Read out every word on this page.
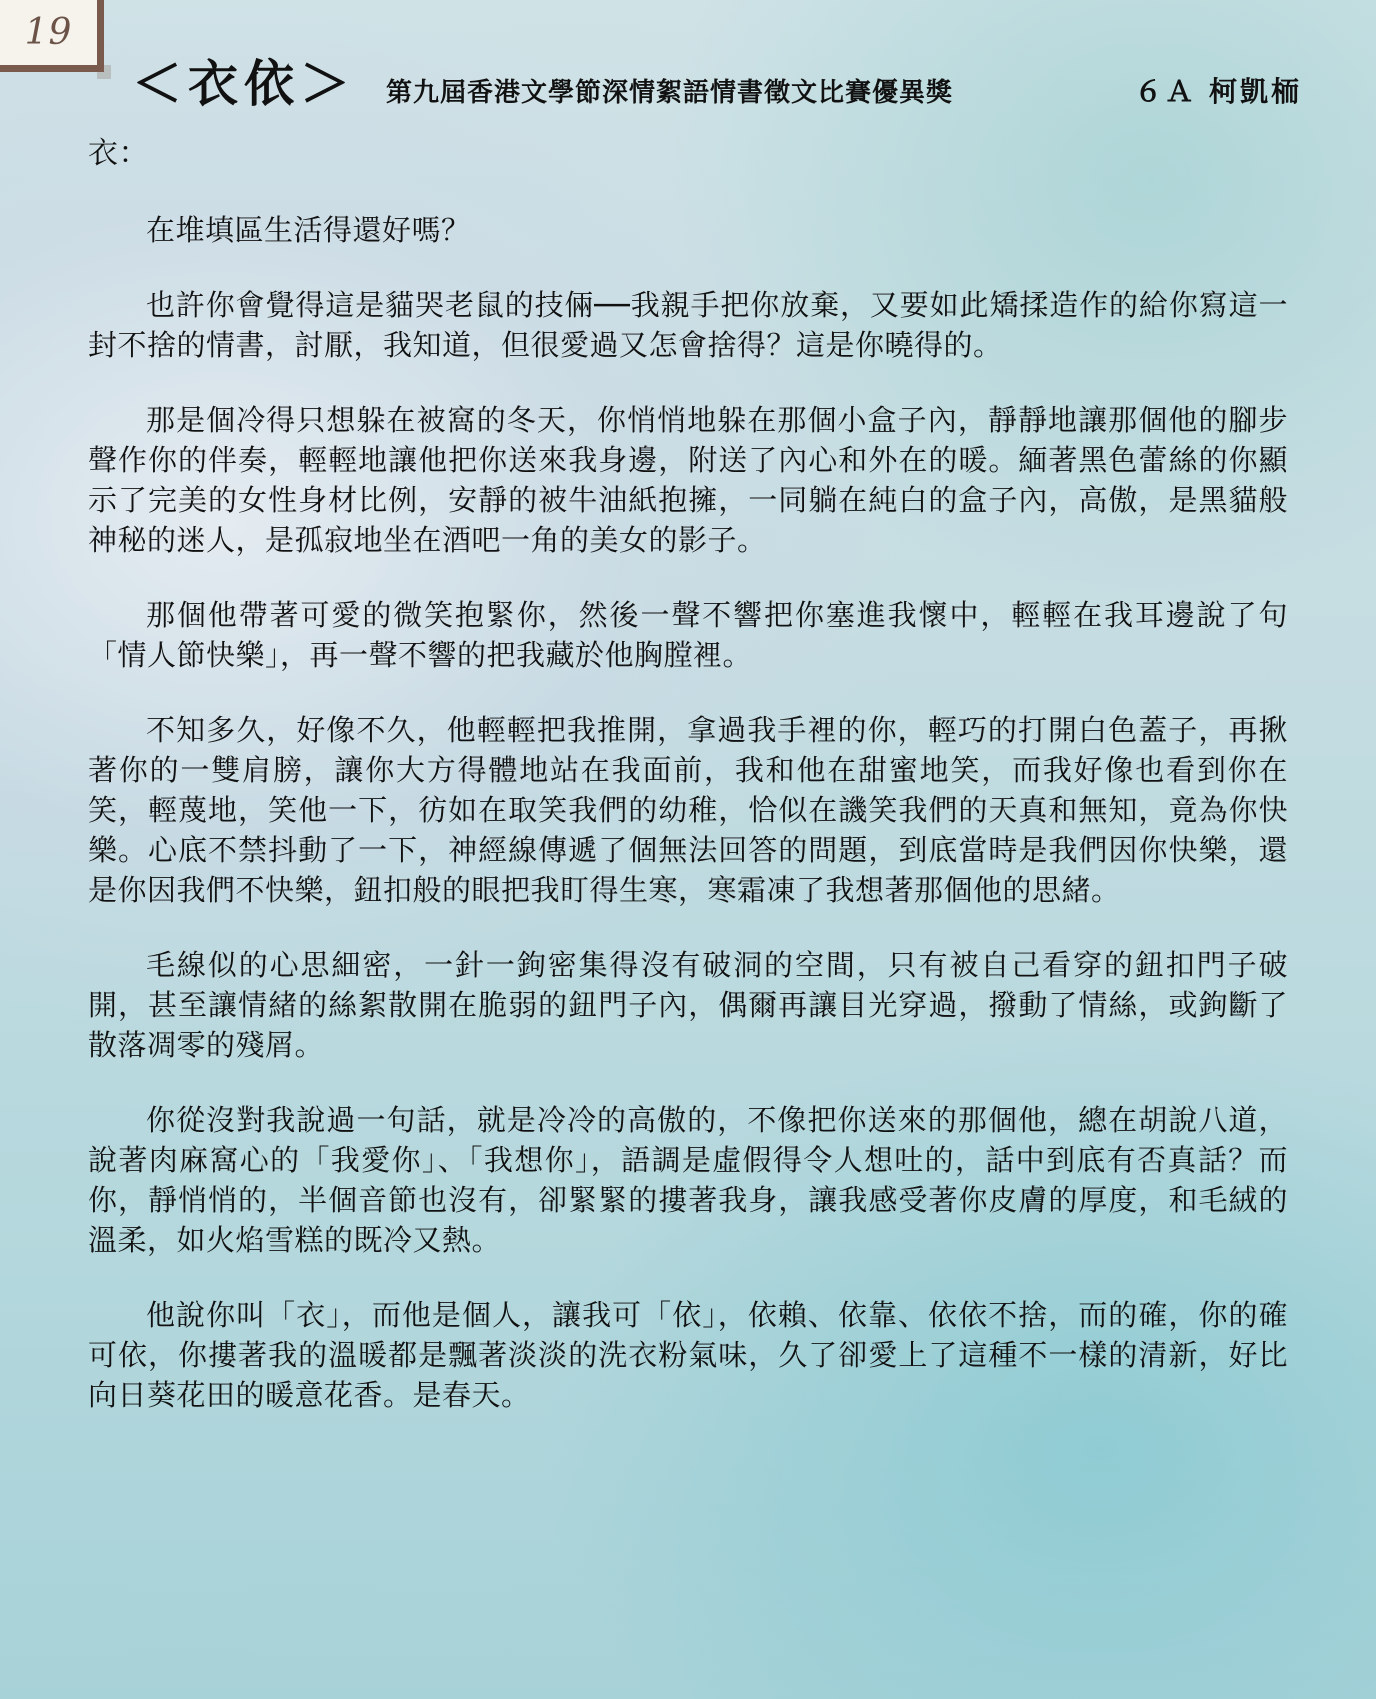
19
＜衣依＞ 第九屆香港文學節深情絮語情書徵文比賽優異獎	６Ａ 柯凱栭

衣：

在堆填區生活得還好嗎？

也許你會覺得這是貓哭老鼠的技倆──我親手把你放棄，又要如此矯揉造作的給你寫這一封不捨的情書，討厭，我知道，但很愛過又怎會捨得？這是你曉得的。

那是個冷得只想躲在被窩的冬天，你悄悄地躲在那個小盒子內，靜靜地讓那個他的腳步聲作你的伴奏，輕輕地讓他把你送來我身邊，附送了內心和外在的暖。緬著黑色蕾絲的你顯示了完美的女性身材比例，安靜的被牛油紙抱擁，一同躺在純白的盒子內，高傲，是黑貓般神秘的迷人，是孤寂地坐在酒吧一角的美女的影子。

那個他帶著可愛的微笑抱緊你，然後一聲不響把你塞進我懷中，輕輕在我耳邊說了句「情人節快樂」，再一聲不響的把我藏於他胸膛裡。

不知多久，好像不久，他輕輕把我推開，拿過我手裡的你，輕巧的打開白色蓋子，再揪著你的一雙肩膀，讓你大方得體地站在我面前，我和他在甜蜜地笑，而我好像也看到你在笑，輕蔑地，笑他一下，彷如在取笑我們的幼稚，恰似在譏笑我們的天真和無知，竟為你快樂。心底不禁抖動了一下，神經線傳遞了個無法回答的問題，到底當時是我們因你快樂，還是你因我們不快樂，鈕扣般的眼把我盯得生寒，寒霜凍了我想著那個他的思緒。

毛線似的心思細密，一針一鉤密集得沒有破洞的空間，只有被自己看穿的鈕扣門子破開，甚至讓情緒的絲絮散開在脆弱的鈕門子內，偶爾再讓目光穿過，撥動了情絲，或鉤斷了散落凋零的殘屑。

你從沒對我說過一句話，就是冷冷的高傲的，不像把你送來的那個他，總在胡說八道，說著肉麻窩心的「我愛你」、「我想你」，語調是虛假得令人想吐的，話中到底有否真話？而你，靜悄悄的，半個音節也沒有，卻緊緊的摟著我身，讓我感受著你皮膚的厚度，和毛絨的溫柔，如火焰雪糕的既冷又熱。

他說你叫「衣」，而他是個人，讓我可「依」，依賴、依靠、依依不捨，而的確，你的確可依，你摟著我的溫暖都是飄著淡淡的洗衣粉氣味，久了卻愛上了這種不一樣的清新，好比向日葵花田的暖意花香。是春天。
